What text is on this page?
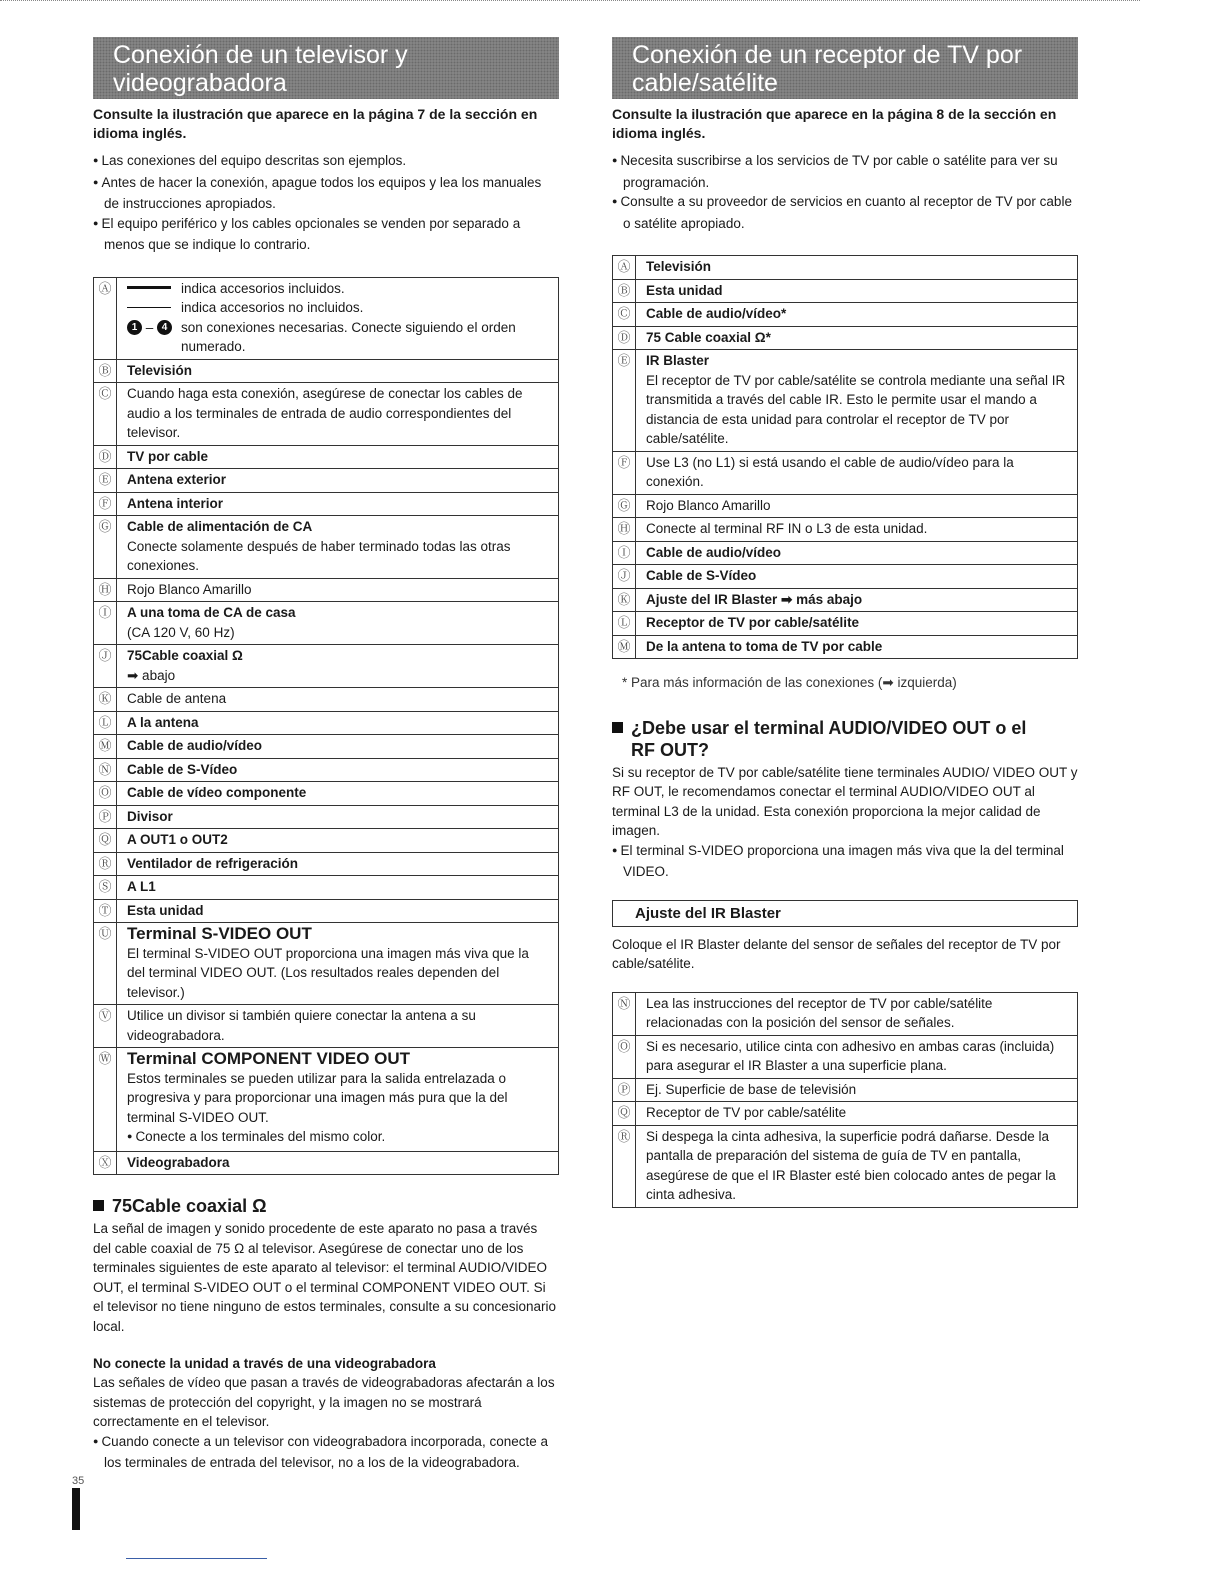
Conexión de un televisor y
videograbadora

Consulte la ilustración que aparece en la página 7 de la sección en idioma inglés.

● Las conexiones del equipo descritas son ejemplos.

● Antes de hacer la conexión, apague todos los equipos y lea los manuales de instrucciones apropiados.

● El equipo periférico y los cables opcionales se venden por separado a menos que se indique lo contrario.

Ⓐ	indica accesorios incluidos.
indica accesorios no incluidos.
1 – 4 son conexiones necesarias. Conecte siguiendo el orden numerado.

Ⓑ	Televisión

Ⓒ	Cuando haga esta conexión, asegúrese de conectar los cables de audio a los terminales de entrada de audio correspondientes del televisor.

Ⓓ	TV por cable

Ⓔ	Antena exterior

Ⓕ	Antena interior

Ⓖ	Cable de alimentación de CA
Conecte solamente después de haber terminado todas las otras conexiones.

Ⓗ	Rojo Blanco Amarillo

Ⓘ	A una toma de CA de casa
(CA 120 V, 60 Hz)

Ⓙ	75Cable coaxial Ω
➡ abajo

Ⓚ	Cable de antena

Ⓛ	A la antena

Ⓜ	Cable de audio/vídeo

Ⓝ	Cable de S-Vídeo

Ⓞ	Cable de vídeo componente

Ⓟ	Divisor

Ⓠ	A OUT1 o OUT2

Ⓡ	Ventilador de refrigeración

Ⓢ	A L1

Ⓣ	Esta unidad

Ⓤ	Terminal S-VIDEO OUT
El terminal S-VIDEO OUT proporciona una imagen más viva que la del terminal VIDEO OUT. (Los resultados reales dependen del televisor.)

Ⓥ	Utilice un divisor si también quiere conectar la antena a su videograbadora.

Ⓦ	Terminal COMPONENT VIDEO OUT
Estos terminales se pueden utilizar para la salida entrelazada o progresiva y para proporcionar una imagen más pura que la del terminal S-VIDEO OUT.
● Conecte a los terminales del mismo color.

Ⓧ	Videograbadora
75Cable coaxial Ω

La señal de imagen y sonido procedente de este aparato no pasa a través del cable coaxial de 75 Ω al televisor. Asegúrese de conectar uno de los terminales siguientes de este aparato al televisor: el terminal AUDIO/VIDEO OUT, el terminal S-VIDEO OUT o el terminal COMPONENT VIDEO OUT. Si el televisor no tiene ninguno de estos terminales, consulte a su concesionario local.

No conecte la unidad a través de una videograbadora

Las señales de vídeo que pasan a través de videograbadoras afectarán a los sistemas de protección del copyright, y la imagen no se mostrará correctamente en el televisor.

● Cuando conecte a un televisor con videograbadora incorporada, conecte a los terminales de entrada del televisor, no a los de la videograbadora.

Conexión de un receptor de TV por
cable/satélite

Consulte la ilustración que aparece en la página 8 de la sección en idioma inglés.

● Necesita suscribirse a los servicios de TV por cable o satélite para ver su programación.

● Consulte a su proveedor de servicios en cuanto al receptor de TV por cable o satélite apropiado.

Ⓐ	Televisión

Ⓑ	Esta unidad

Ⓒ	Cable de audio/vídeo*

Ⓓ	75 Cable coaxial Ω*

Ⓔ	IR Blaster
El receptor de TV por cable/satélite se controla mediante una señal IR transmitida a través del cable IR. Esto le permite usar el mando a distancia de esta unidad para controlar el receptor de TV por cable/satélite.

Ⓕ	Use L3 (no L1) si está usando el cable de audio/vídeo para la conexión.

Ⓖ	Rojo Blanco Amarillo

Ⓗ	Conecte al terminal RF IN o L3 de esta unidad.

Ⓘ	Cable de audio/vídeo

Ⓙ	Cable de S-Vídeo

Ⓚ	Ajuste del IR Blaster ➡ más abajo

Ⓛ	Receptor de TV por cable/satélite

Ⓜ	De la antena to toma de TV por cable

* Para más información de las conexiones (➡ izquierda)

¿Debe usar el terminal AUDIO/VIDEO OUT o el
RF OUT?

Si su receptor de TV por cable/satélite tiene terminales AUDIO/ VIDEO OUT y RF OUT, le recomendamos conectar el terminal AUDIO/VIDEO OUT al terminal L3 de la unidad. Esta conexión proporciona la mejor calidad de imagen.

● El terminal S-VIDEO proporciona una imagen más viva que la del terminal VIDEO.

Ajuste del IR Blaster

Coloque el IR Blaster delante del sensor de señales del receptor de TV por cable/satélite.

Ⓝ	Lea las instrucciones del receptor de TV por cable/satélite relacionadas con la posición del sensor de señales.

Ⓞ	Si es necesario, utilice cinta con adhesivo en ambas caras (incluida) para asegurar el IR Blaster a una superficie plana.

Ⓟ	Ej. Superficie de base de televisión

Ⓠ	Receptor de TV por cable/satélite

Ⓡ	Si despega la cinta adhesiva, la superficie podrá dañarse. Desde la pantalla de preparación del sistema de guía de TV en pantalla, asegúrese de que el IR Blaster esté bien colocado antes de pegar la cinta adhesiva.
35
